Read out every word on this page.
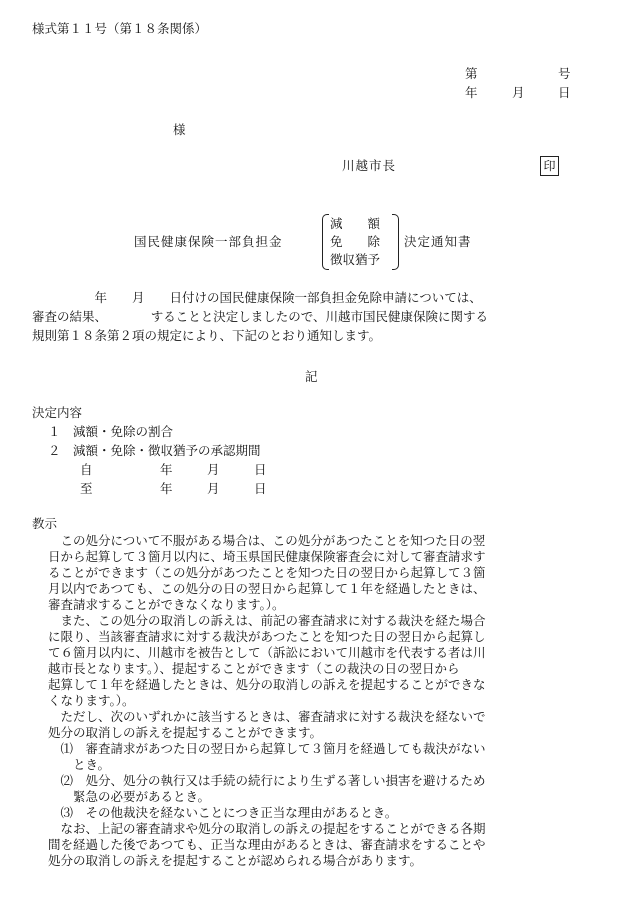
様式第１１号（第１８条関係）
第	号
年	月	日
様
川越市長	印
国民健康保険一部負担金
減　　額
免　　除
徴収猶予
決定通知書
　　　　　年　　月　　日付けの国民健康保険一部負担金免除申請については、
審査の結果、　　　　することと決定しましたので、川越市国民健康保険に関する
規則第１８条第２項の規定により、下記のとおり通知します。
記
決定内容
１　減額・免除の割合
２　減額・免除・徴収猶予の承認期間
自	年	月	日
至	年	月	日
教示
　この処分について不服がある場合は、この処分があつたことを知つた日の翌
日から起算して３箇月以内に、埼玉県国民健康保険審査会に対して審査請求す
ることができます（この処分があつたことを知つた日の翌日から起算して３箇
月以内であつても、この処分の日の翌日から起算して１年を経過したときは、
審査請求することができなくなります。）。
　また、この処分の取消しの訴えは、前記の審査請求に対する裁決を経た場合
に限り、当該審査請求に対する裁決があつたことを知つた日の翌日から起算し
て６箇月以内に、川越市を被告として（訴訟において川越市を代表する者は川
越市長となります。）、提起することができます（この裁決の日の翌日から
起算して１年を経過したときは、処分の取消しの訴えを提起することができな
くなります。）。
　ただし、次のいずれかに該当するときは、審査請求に対する裁決を経ないで
処分の取消しの訴えを提起することができます。
　⑴　審査請求があつた日の翌日から起算して３箇月を経過しても裁決がない
　　とき。
　⑵　処分、処分の執行又は手続の続行により生ずる著しい損害を避けるため
　　緊急の必要があるとき。
　⑶　その他裁決を経ないことにつき正当な理由があるとき。
　なお、上記の審査請求や処分の取消しの訴えの提起をすることができる各期
間を経過した後であつても、正当な理由があるときは、審査請求をすることや
処分の取消しの訴えを提起することが認められる場合があります。
